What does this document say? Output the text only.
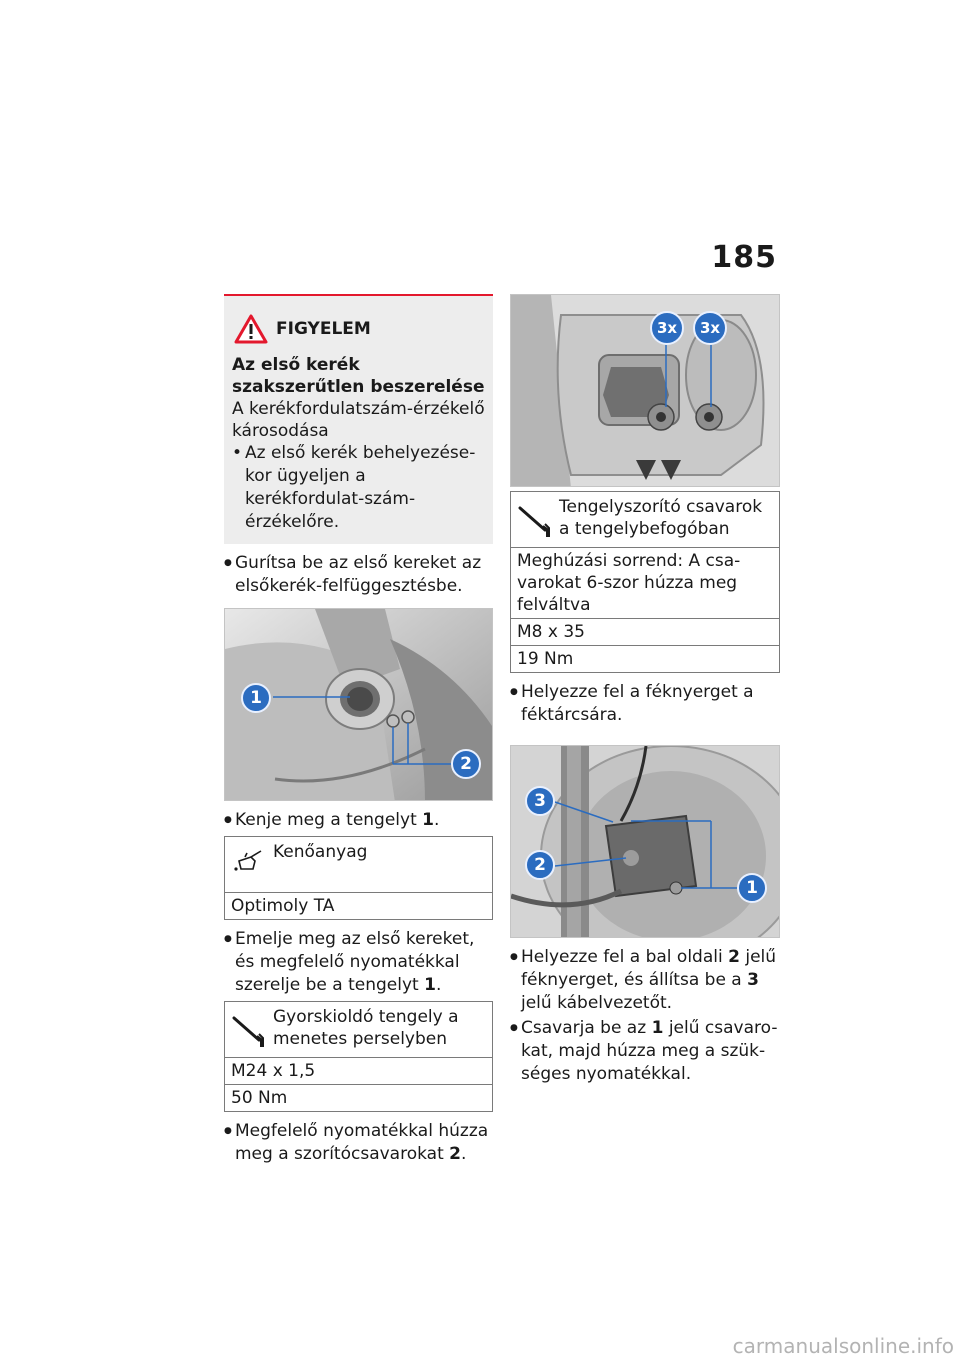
185
FIGYELEM
Az első kerék szakszerűtlen beszerelése
A kerékfordulatszám-érzékelő károsodása
• Az első kerék behelyezése-kor ügyeljen a kerékfordulat-szám-érzékelőre.
● Gurítsa be az első kereket az elsőkerék-felfüggesztésbe.
1
2
● Kenje meg a tengelyt 1.
Kenőanyag
Optimoly TA
● Emelje meg az első kereket, és megfelelő nyomatékkal szerelje be a tengelyt 1.
Gyorskioldó tengely a menetes perselyben
M24 x 1,5
50 Nm
● Megfelelő nyomatékkal húzza meg a szorítócsavarokat 2.
3x	3x
Tengelyszorító csavarok a tengelybefogóban
Meghúzási sorrend: A csa-varokat 6-szor húzza meg felváltva
M8 x 35
19 Nm
● Helyezze fel a féknyerget a féktárcsára.
3
2
1
● Helyezze fel a bal oldali 2 jelű féknyerget, és állítsa be a 3 jelű kábelvezetőt.
● Csavarja be az 1 jelű csavaro-kat, majd húzza meg a szük-séges nyomatékkal.
carmanualsonline.info
